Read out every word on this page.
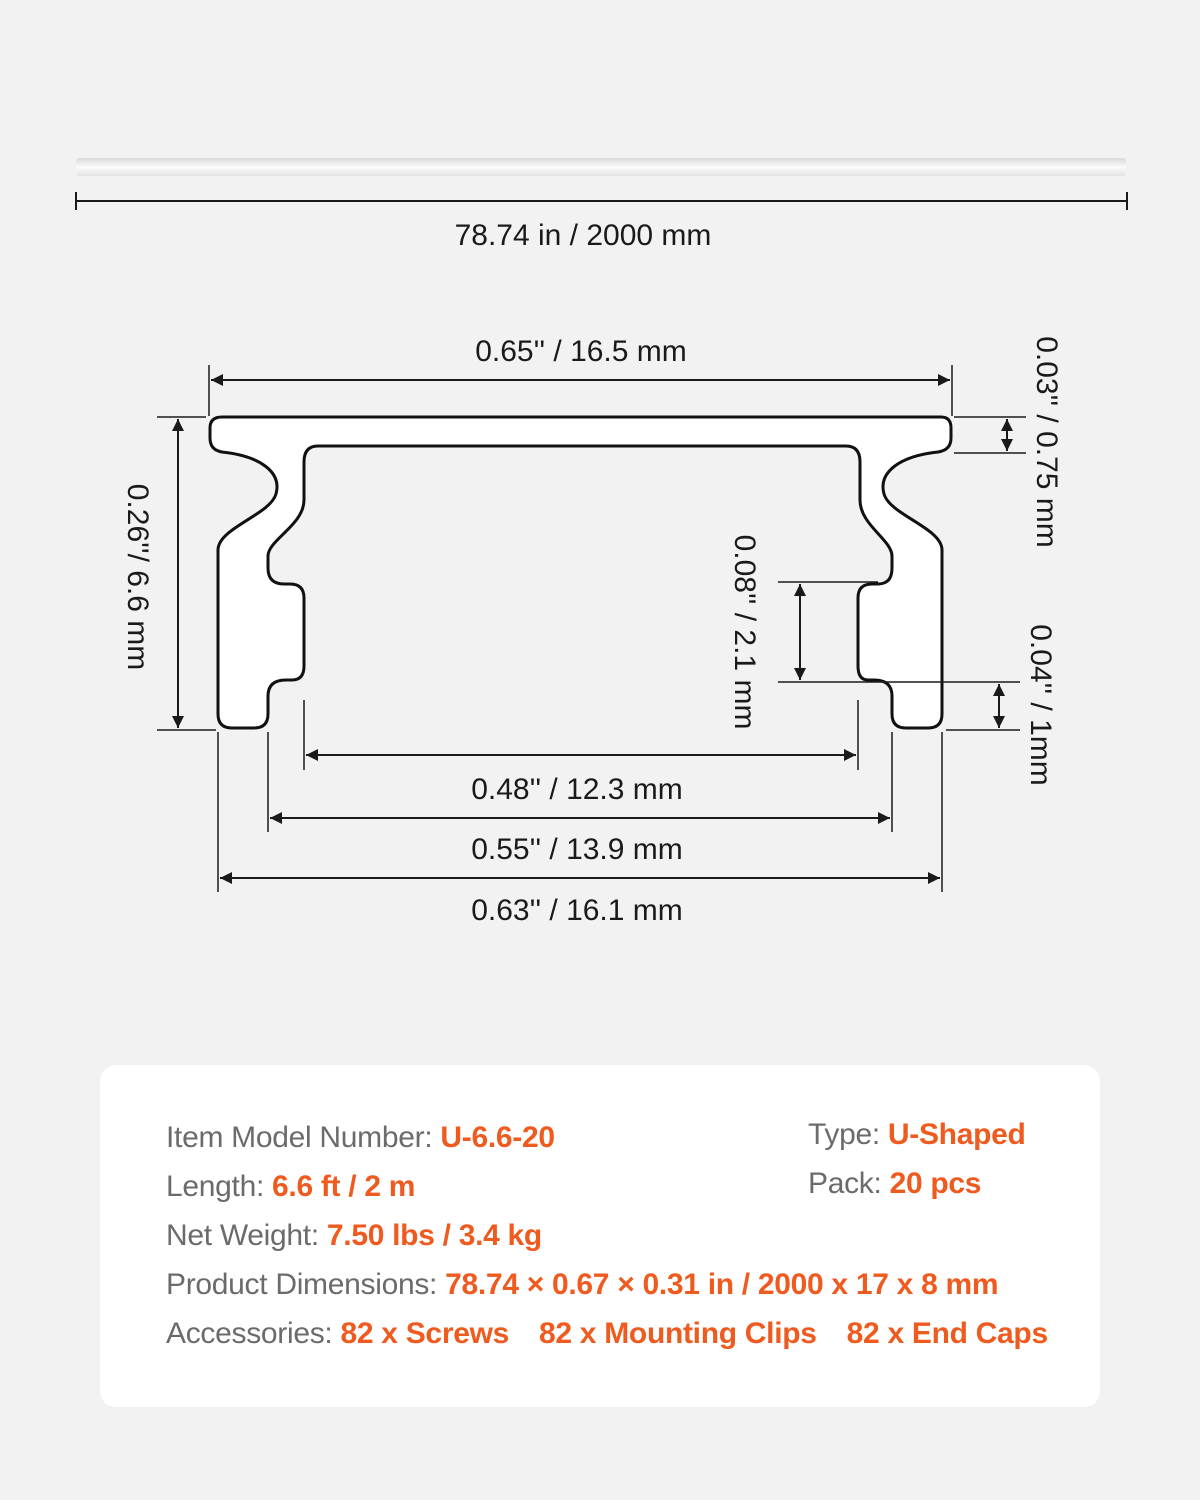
78.74 in / 2000 mm
0.65'' / 16.5 mm
0.26''/ 6.6 mm
0.03'' / 0.75 mm
0.08'' / 2.1 mm	0.04'' / 1mm
0.48'' / 12.3 mm
0.55'' / 13.9 mm
0.63'' / 16.1 mm
Item Model Number: U-6.6-20
Length: 6.6 ft / 2 m
Net Weight: 7.50 lbs / 3.4 kg
Product Dimensions: 78.74 × 0.67 × 0.31 in / 2000 x 17 x 8 mm
Accessories: 82 x Screws 82 x Mounting Clips 82 x End Caps
Type: U-Shaped
Pack: 20 pcs
